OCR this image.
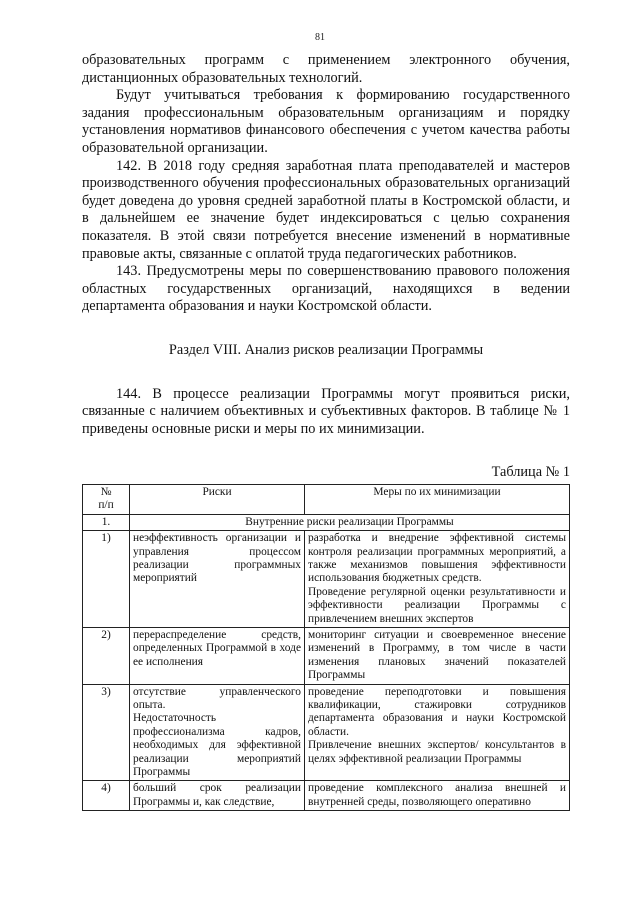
81

образовательных программ с применением электронного обучения, дистанционных образовательных технологий.

Будут учитываться требования к формированию государственного задания профессиональным образовательным организациям и порядку установления нормативов финансового обеспечения с учетом качества работы образовательной организации.

142. В 2018 году средняя заработная плата преподавателей и мастеров производственного обучения профессиональных образовательных организаций будет доведена до уровня средней заработной платы в Костромской области, и в дальнейшем ее значение будет индексироваться с целью сохранения показателя. В этой связи потребуется внесение изменений в нормативные правовые акты, связанные с оплатой труда педагогических работников.

143. Предусмотрены меры по совершенствованию правового положения областных государственных организаций, находящихся в ведении департамента образования и науки Костромской области.

Раздел VIII. Анализ рисков реализации Программы

144. В процессе реализации Программы могут проявиться риски, связанные с наличием объективных и субъективных факторов. В таблице № 1 приведены основные риски и меры по их минимизации.

Таблица № 1
№
п/п	Риски	Меры по их минимизации
1.	Внутренние риски реализации Программы	
1)	неэффективность организации и управления процессом реализации программных мероприятий	разработка и внедрение эффективной системы контроля реализации программных мероприятий, а также механизмов повышения эффективности использования бюджетных средств.
Проведение регулярной оценки результативности и эффективности реализации Программы с привлечением внешних экспертов

2)	перераспределение средств, определенных Программой в ходе ее исполнения	мониторинг ситуации и своевременное внесение изменений в Программу, в том числе в части изменения плановых значений показателей Программы
3)	отсутствие управленческого опыта.
Недостаточность профессионализма кадров, необходимых для эффективной реализации мероприятий Программы	проведение переподготовки и повышения квалификации, стажировки сотрудников департамента образования и науки Костромской области.
Привлечение внешних экспертов/ консультантов в целях эффективной реализации Программы

4)	больший срок реализации Программы и, как следствие,	проведение комплексного анализа внешней и внутренней среды, позволяющего оперативно
